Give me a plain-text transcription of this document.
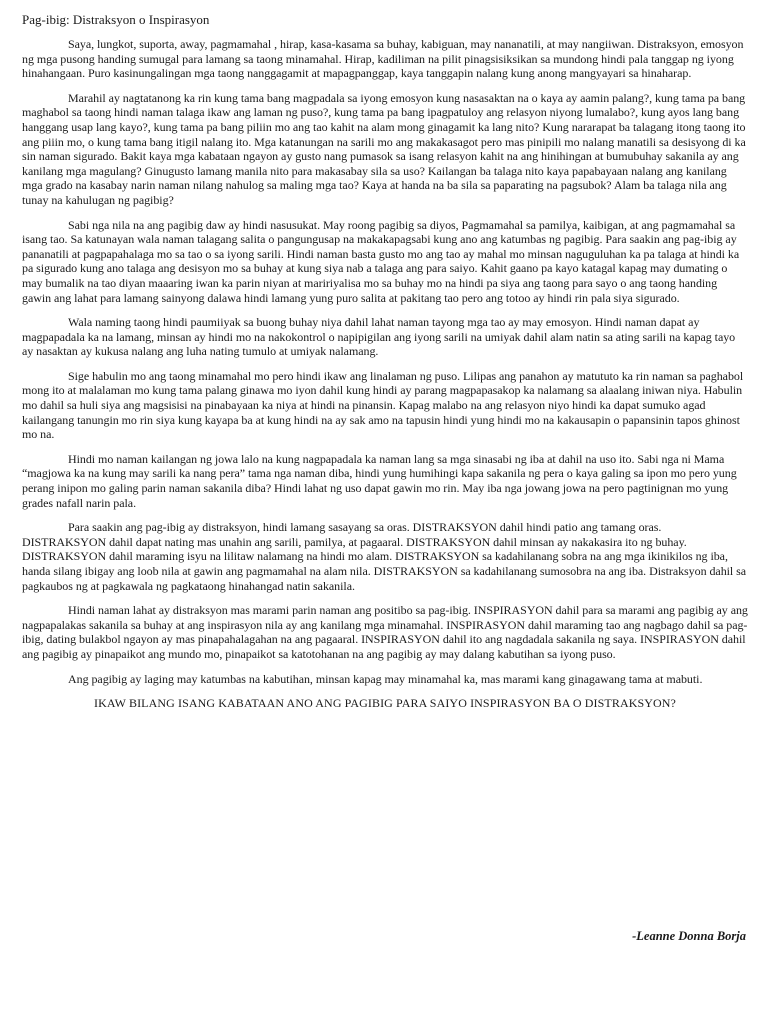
Pag-ibig: Distraksyon o Inspirasyon

Saya, lungkot, suporta, away, pagmamahal , hirap, kasa-kasama sa buhay, kabiguan, may nananatili, at may nangiiwan. Distraksyon, emosyon ng mga pusong handing sumugal para lamang sa taong minamahal. Hirap, kadiliman na pilit pinagsisiksikan sa mundong hindi pala tanggap ng iyong hinahangaan. Puro kasinungalingan mga taong nanggagamit at mapagpanggap, kaya tanggapin nalang kung anong mangyayari sa hinaharap.

Marahil ay nagtatanong ka rin kung tama bang magpadala sa iyong emosyon kung nasasaktan na o kaya ay aamin palang?, kung tama pa bang maghabol sa taong hindi naman talaga ikaw ang laman ng puso?, kung tama pa bang ipagpatuloy ang relasyon niyong lumalabo?, kung ayos lang bang hanggang usap lang kayo?, kung tama pa bang piliin mo ang tao kahit na alam mong ginagamit ka lang nito? Kung nararapat ba talagang itong taong ito ang piiin mo, o kung tama bang itigil nalang ito. Mga katanungan na sarili mo ang makakasagot pero mas pinipili mo nalang manatili sa desisyong di ka sin naman sigurado. Bakit kaya mga kabataan ngayon ay gusto nang pumasok sa isang relasyon kahit na ang hinihingan at bumubuhay sakanila ay ang kanilang mga magulang? Ginugusto lamang manila nito para makasabay sila sa uso? Kailangan ba talaga nito kaya papabayaan nalang ang kanilang mga grado na kasabay narin naman nilang nahulog sa maling mga tao? Kaya at handa na ba sila sa paparating na pagsubok? Alam ba talaga nila ang tunay na kahulugan ng pagibig?

Sabi nga nila na ang pagibig daw ay hindi nasusukat. May roong pagibig sa diyos, Pagmamahal sa pamilya, kaibigan, at ang pagmamahal sa isang tao. Sa katunayan wala naman talagang salita o pangungusap na makakapagsabi kung ano ang katumbas ng pagibig. Para saakin ang pag-ibig ay pananatili at pagpapahalaga mo sa tao o sa iyong sarili. Hindi naman basta gusto mo ang tao ay mahal mo minsan naguguluhan ka pa talaga at hindi ka pa sigurado kung ano talaga ang desisyon mo sa buhay at kung siya nab a talaga ang para saiyo. Kahit gaano pa kayo katagal kapag may dumating o may bumalik na tao diyan maaaring iwan ka parin niyan at maririyalisa mo sa buhay mo na hindi pa siya ang taong para sayo o ang taong handing gawin ang lahat para lamang sainyong dalawa hindi lamang yung puro salita at pakitang tao pero ang totoo ay hindi rin pala siya sigurado.

Wala naming taong hindi paumiiyak sa buong buhay niya dahil lahat naman tayong mga tao ay may emosyon. Hindi naman dapat ay magpapadala ka na lamang, minsan ay hindi mo na nakokontrol o napipigilan ang iyong sarili na umiyak dahil alam natin sa ating sarili na kapag tayo ay nasaktan ay kukusa nalang ang luha nating tumulo at umiyak nalamang.

Sige habulin mo ang taong minamahal mo pero hindi ikaw ang linalaman ng puso. Lilipas ang panahon ay matututo ka rin naman sa paghabol mong ito at malalaman mo kung tama palang ginawa mo iyon dahil kung hindi ay parang magpapasakop ka nalamang sa alaalang iniwan niya. Habulin mo dahil sa huli siya ang magsisisi na pinabayaan ka niya at hindi na pinansin. Kapag malabo na ang relasyon niyo hindi ka dapat sumuko agad kailangang tanungin mo rin siya kung kayapa ba at kung hindi na ay sak amo na tapusin hindi yung hindi mo na kakausapin o papansinin tapos ghinost mo na.

Hindi mo naman kailangan ng jowa lalo na kung nagpapadala ka naman lang sa mga sinasabi ng iba at dahil na uso ito. Sabi nga ni Mama “magjowa ka na kung may sarili ka nang pera” tama nga naman diba, hindi yung humihingi kapa sakanila ng pera o kaya galing sa ipon mo pero yung perang inipon mo galing parin naman sakanila diba? Hindi lahat ng uso dapat gawin mo rin. May iba nga jowang jowa na pero pagtinignan mo yung grades nafall narin pala.

Para saakin ang pag-ibig ay distraksyon, hindi lamang sasayang sa oras. DISTRAKSYON dahil hindi patio ang tamang oras. DISTRAKSYON dahil dapat nating mas unahin ang sarili, pamilya, at pagaaral. DISTRAKSYON dahil minsan ay nakakasira ito ng buhay. DISTRAKSYON dahil maraming isyu na lilitaw nalamang na hindi mo alam. DISTRAKSYON sa kadahilanang sobra na ang mga ikinikilos ng iba, handa silang ibigay ang loob nila at gawin ang pagmamahal na alam nila. DISTRAKSYON sa kadahilanang sumosobra na ang iba. Distraksyon dahil sa pagkaubos ng at pagkawala ng pagkataong hinahangad natin sakanila.

Hindi naman lahat ay distraksyon mas marami parin naman ang positibo sa pag-ibig. INSPIRASYON dahil para sa marami ang pagibig ay ang nagpapalakas sakanila sa buhay at ang inspirasyon nila ay ang kanilang mga minamahal. INSPIRASYON dahil maraming tao ang nagbago dahil sa pag-ibig, dating bulakbol ngayon ay mas pinapahalagahan na ang pagaaral. INSPIRASYON dahil ito ang nagdadala sakanila ng saya. INSPIRASYON dahil ang pagibig ay pinapaikot ang mundo mo, pinapaikot sa katotohanan na ang pagibig ay may dalang kabutihan sa iyong puso.

Ang pagibig ay laging may katumbas na kabutihan, minsan kapag may minamahal ka, mas marami kang ginagawang tama at mabuti.

IKAW BILANG ISANG KABATAAN ANO ANG PAGIBIG PARA SAIYO INSPIRASYON BA O DISTRAKSYON?
-Leanne Donna Borja
